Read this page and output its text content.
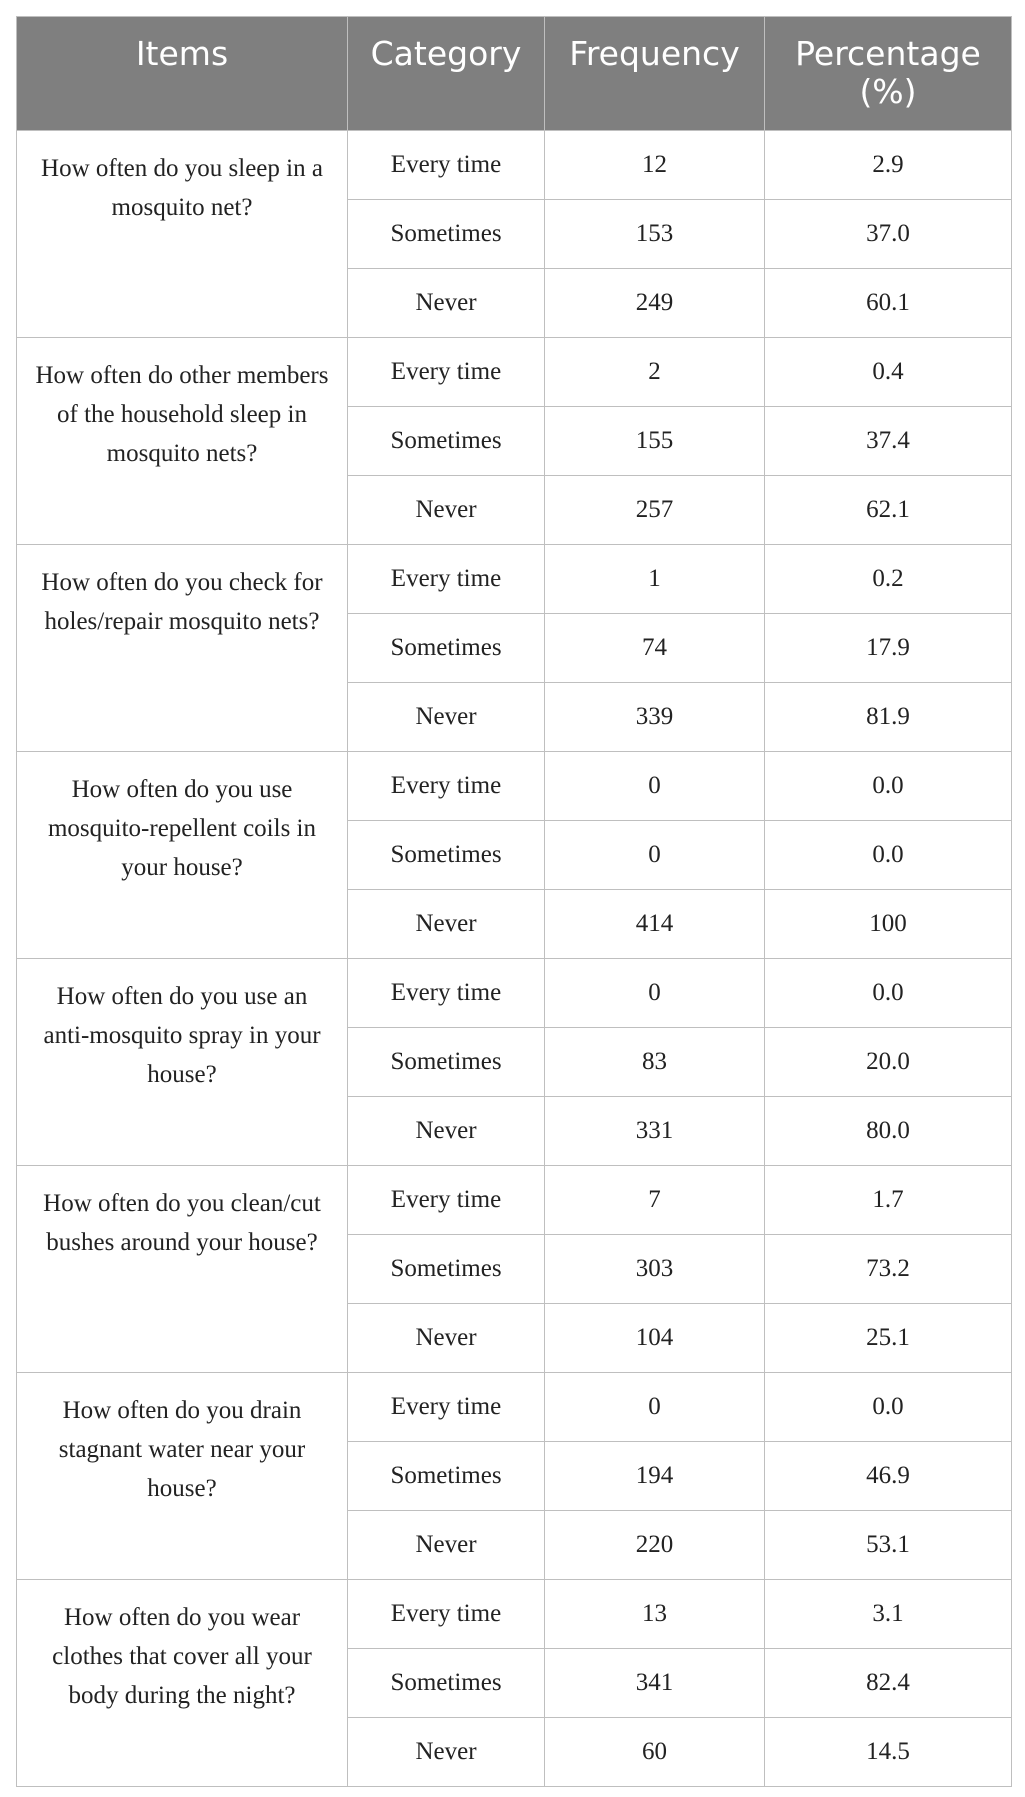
Items	Category	Frequency	Percentage (%)
How often do you sleep in a mosquito net?	Every time	12	2.9
	Sometimes	153	37.0
	Never	249	60.1
How often do other members of the household sleep in mosquito nets?	Every time	2	0.4
	Sometimes	155	37.4
	Never	257	62.1
How often do you check for holes/repair mosquito nets?	Every time	1	0.2
	Sometimes	74	17.9
	Never	339	81.9
How often do you use mosquito-repellent coils in your house?	Every time	0	0.0
	Sometimes	0	0.0
	Never	414	100
How often do you use an anti-mosquito spray in your house?	Every time	0	0.0
	Sometimes	83	20.0
	Never	331	80.0
How often do you clean/cut bushes around your house?	Every time	7	1.7
	Sometimes	303	73.2
	Never	104	25.1
How often do you drain stagnant water near your house?	Every time	0	0.0
	Sometimes	194	46.9
	Never	220	53.1
How often do you wear clothes that cover all your body during the night?	Every time	13	3.1
	Sometimes	341	82.4
	Never	60	14.5
